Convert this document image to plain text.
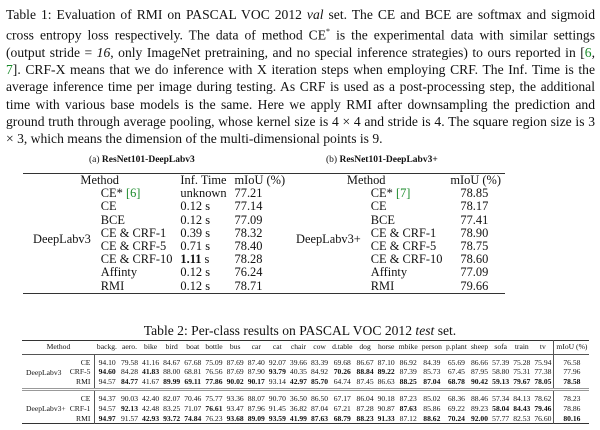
Table 1: Evaluation of RMI on PASCAL VOC 2012 val set. The CE and BCE are softmax and sigmoid cross entropy loss respectively. The data of method CE* is the experimental data with similar settings (output stride = 16, only ImageNet pretraining, and no special inference strategies) to ours reported in [6, 7]. CRF-X means that we do inference with X iteration steps when employing CRF. The Inf. Time is the average inference time per image during testing. As CRF is used as a post-processing step, the additional time with various base models is the same. Here we apply RMI after downsampling the prediction and ground truth through average pooling, whose kernel size is 4 × 4 and stride is 4. The square region size is 3 × 3, which means the dimension of the multi-dimensional points is 9.
(a) ResNet101-DeepLabv3
Method		Inf. Time	mIoU (%)
DeepLabv3	CE* [6]	unknown	77.21
	CE	0.12 s	77.14
	BCE	0.12 s	77.09
	CE & CRF-1	0.39 s	78.32
	CE & CRF-5	0.71 s	78.40
	CE & CRF-10	1.11 s	78.28
	Affinty	0.12 s	76.24
	RMI	0.12 s	78.71
(b) ResNet101-DeepLabv3+
Method		mIoU (%)
DeepLabv3+	CE* [7]	78.85
	CE	78.17
	BCE	77.41
	CE & CRF-1	78.90
	CE & CRF-5	78.75
	CE & CRF-10	78.60
	Affinty	77.09
	RMI	79.66
Table 2: Per-class results on PASCAL VOC 2012 test set.
Method		backg.	aero.	bike	bird	boat	bottle	bus	car	cat	chair	cow	d.table	dog	horse	mbike	person	p.plant	sheep	sofa	train	tv	mIoU (%)
DeepLabv3	CE	94.10	79.58	41.16	84.67	67.68	75.09	87.69	87.40	92.07	39.66	83.39	69.68	86.67	87.10	86.92	84.39	65.69	86.66	57.39	75.28	75.94	76.58
	CRF-5	94.60	84.28	41.83	88.00	68.81	76.56	87.69	87.90	93.79	40.35	84.92	70.26	88.84	89.22	87.39	85.73	67.45	87.95	58.80	75.31	77.38	77.96
	RMI	94.57	84.77	41.67	89.99	69.11	77.86	90.02	90.17	93.14	42.97	85.70	64.74	87.45	86.63	88.25	87.04	68.78	90.42	59.13	79.67	78.05	78.58
DeepLabv3+	CE	94.37	90.03	42.40	82.07	70.46	75.77	93.36	88.07	90.70	36.50	86.50	67.17	86.04	90.18	87.23	85.02	68.36	88.46	57.34	84.13	78.62	78.23
	CRF-1	94.57	92.13	42.48	83.25	71.07	76.61	93.47	87.96	91.45	36.82	87.04	67.21	87.28	90.87	87.63	85.86	69.22	89.23	58.04	84.43	79.46	78.86
	RMI	94.97	91.57	42.93	93.72	74.84	76.23	93.68	89.09	93.59	41.99	87.63	68.79	88.23	91.33	87.12	88.62	70.24	92.00	57.77	82.53	76.60	80.16
